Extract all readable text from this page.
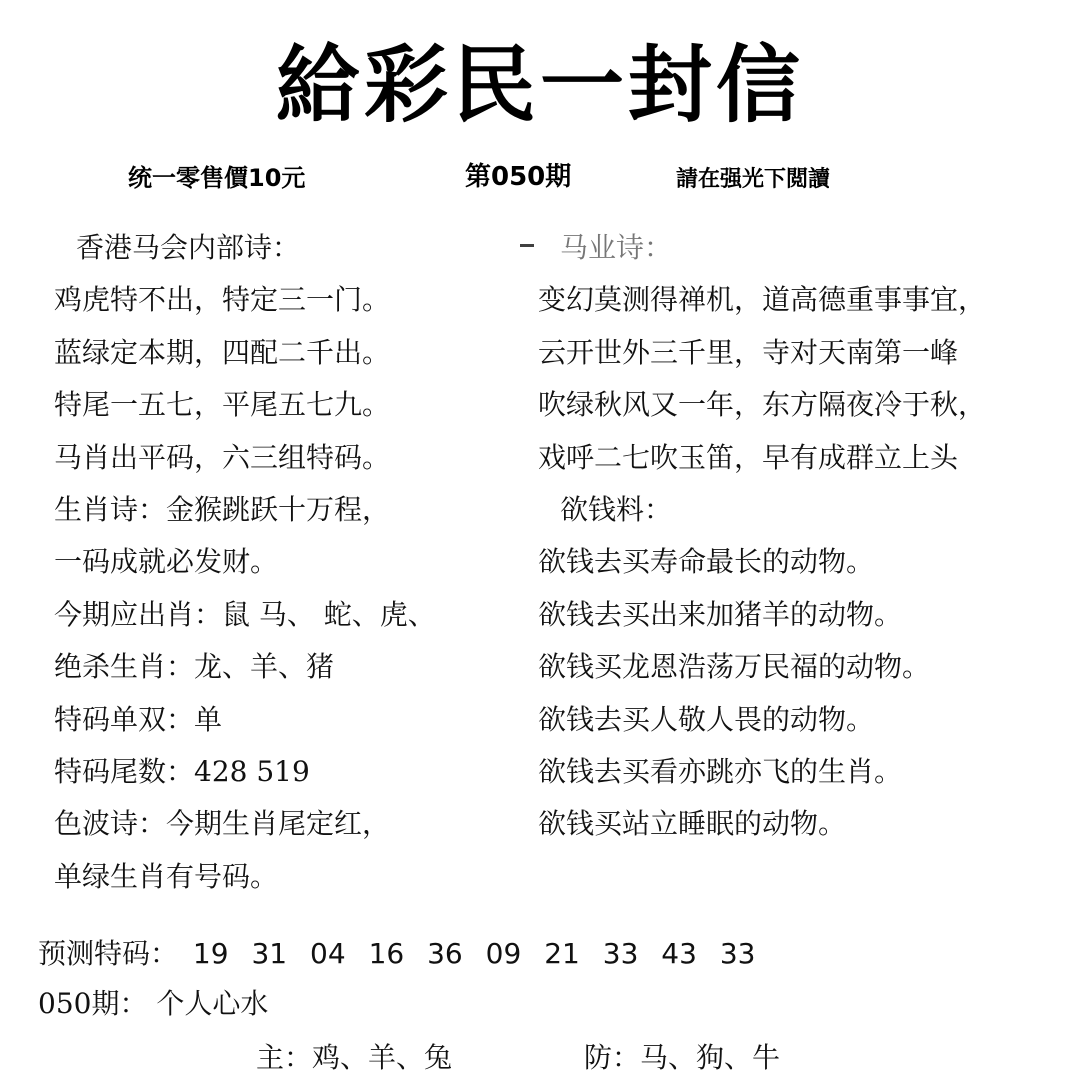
給彩民一封信
统一零售價10元	第050期	請在强光下閲讀
香港马会内部诗：
鸡虎特不出，特定三一门。
蓝绿定本期，四配二千出。
特尾一五七，平尾五七九。
马肖出平码，六三组特码。
生肖诗：金猴跳跃十万程，
一码成就必发财。
今期应出肖：鼠 马、 蛇、虎、
绝杀生肖：龙、羊、猪
特码单双：单
特码尾数：428 519
色波诗：今期生肖尾定红，
单绿生肖有号码。
马业诗：
变幻莫测得禅机，道高德重事事宜，
云开世外三千里，寺对天南第一峰
吹绿秋风又一年，东方隔夜冷于秋，
戏呼二七吹玉笛，早有成群立上头
欲钱料：
欲钱去买寿命最长的动物。
欲钱去买出来加猪羊的动物。
欲钱买龙恩浩荡万民福的动物。
欲钱去买人敬人畏的动物。
欲钱去买看亦跳亦飞的生肖。
欲钱买站立睡眠的动物。
预测特码： 19 31 04 16 36 09 21 33 43 33
050期： 个人心水
主：鸡、羊、兔	防：马、狗、牛
